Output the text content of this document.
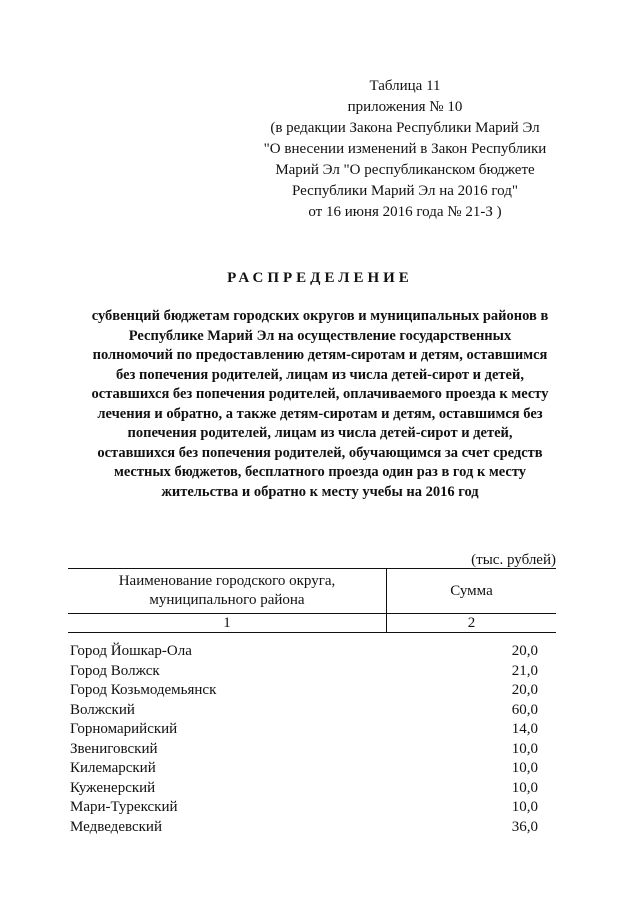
Таблица 11
приложения № 10
(в редакции Закона Республики Марий Эл
"О внесении изменений в Закон Республики
Марий Эл "О республиканском бюджете
Республики Марий Эл на 2016 год"
от 16 июня 2016 года № 21-З )
РАСПРЕДЕЛЕНИЕ
субвенций бюджетам городских округов и муниципальных районов в
Республике Марий Эл на осуществление государственных
полномочий по предоставлению детям-сиротам и детям, оставшимся
без попечения родителей, лицам из числа детей-сирот и детей,
оставшихся без попечения родителей, оплачиваемого проезда к месту
лечения и обратно, а также детям-сиротам и детям, оставшимся без
попечения родителей, лицам из числа детей-сирот и детей,
оставшихся без попечения родителей, обучающимся за счет средств
местных бюджетов, бесплатного проезда один раз в год к месту
жительства и обратно к месту учебы на 2016 год
(тыс. рублей)
Наименование городского округа,
муниципального района	Сумма
1	2
Город Йошкар-Ола	20,0
Город Волжск	21,0
Город Козьмодемьянск	20,0
Волжский	60,0
Горномарийский	14,0
Звениговский	10,0
Килемарский	10,0
Куженерский	10,0
Мари-Турекский	10,0
Медведевский	36,0
